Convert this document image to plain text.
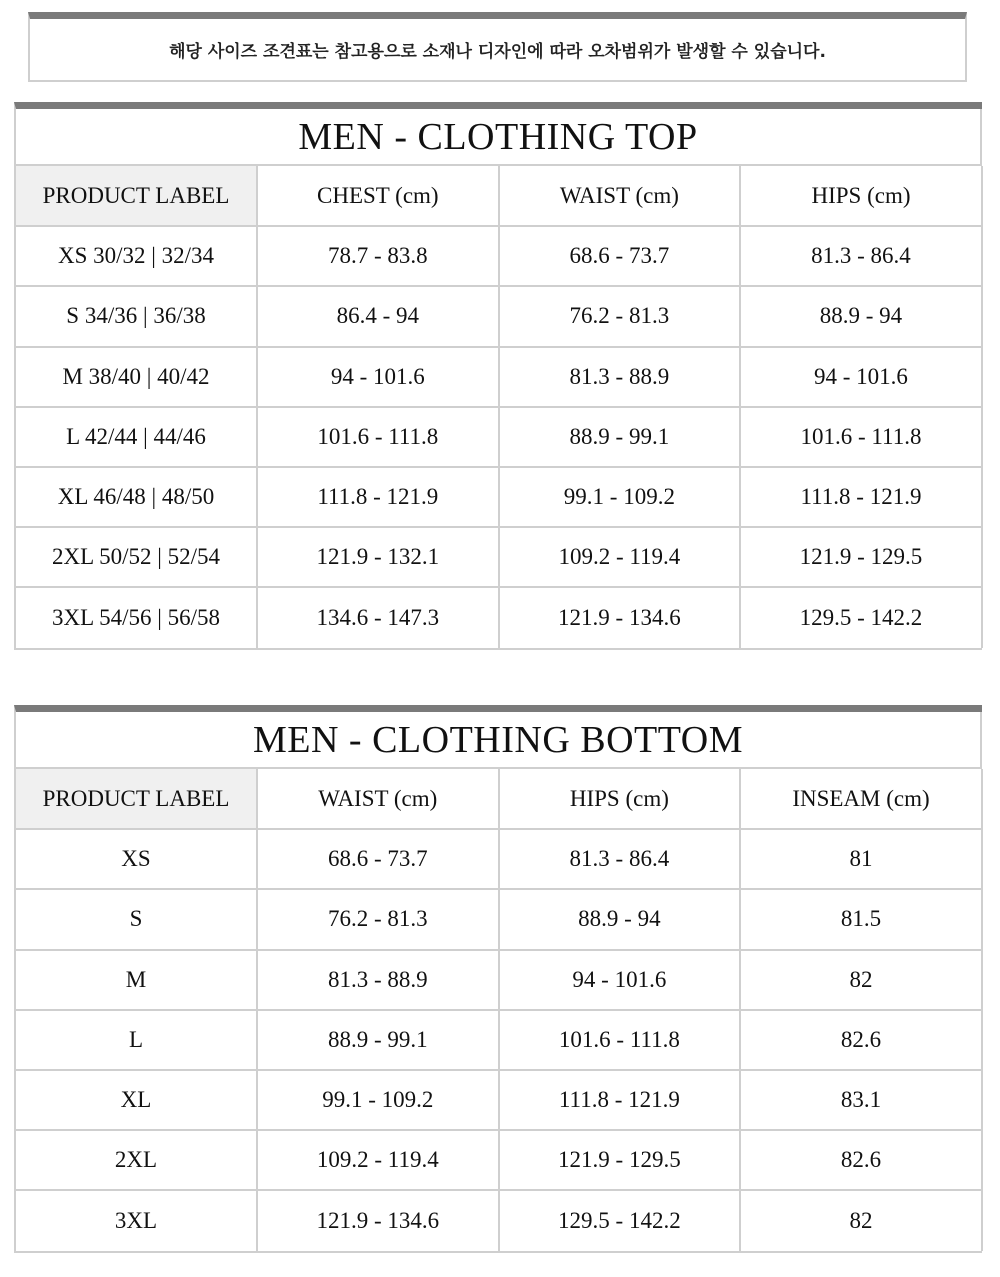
해당 사이즈 조견표는 참고용으로 소재나 디자인에 따라 오차범위가 발생할 수 있습니다.
MEN - CLOTHING TOP
PRODUCT LABEL	CHEST (cm)	WAIST (cm)	HIPS (cm)
XS 30/32 | 32/34	78.7 - 83.8	68.6 - 73.7	81.3 - 86.4
S 34/36 | 36/38	86.4 - 94	76.2 - 81.3	88.9 - 94
M 38/40 | 40/42	94 - 101.6	81.3 - 88.9	94 - 101.6
L 42/44 | 44/46	101.6 - 111.8	88.9 - 99.1	101.6 - 111.8
XL 46/48 | 48/50	111.8 - 121.9	99.1 - 109.2	111.8 - 121.9
2XL 50/52 | 52/54	121.9 - 132.1	109.2 - 119.4	121.9 - 129.5
3XL 54/56 | 56/58	134.6 - 147.3	121.9 - 134.6	129.5 - 142.2
MEN - CLOTHING BOTTOM
PRODUCT LABEL	WAIST (cm)	HIPS (cm)	INSEAM (cm)
XS	68.6 - 73.7	81.3 - 86.4	81
S	76.2 - 81.3	88.9 - 94	81.5
M	81.3 - 88.9	94 - 101.6	82
L	88.9 - 99.1	101.6 - 111.8	82.6
XL	99.1 - 109.2	111.8 - 121.9	83.1
2XL	109.2 - 119.4	121.9 - 129.5	82.6
3XL	121.9 - 134.6	129.5 - 142.2	82
